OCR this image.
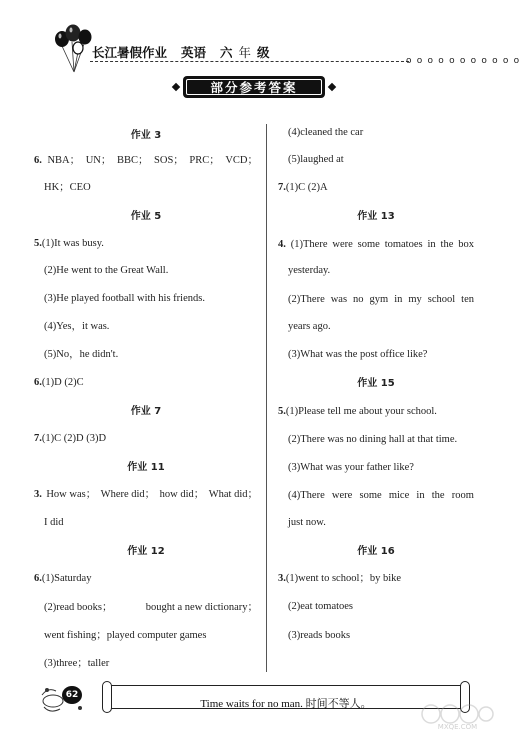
长江暑假作业 英语 六 年 级
o o o o o o o o o o o
部分参考答案
作业 3
6. NBA； UN； BBC； SOS； PRC； VCD；
HK；CEO
作业 5
5.(1)It was busy.
(2)He went to the Great Wall.
(3)He played football with his friends.
(4)Yes，it was.
(5)No，he didn't.
6.(1)D (2)C
作业 7
7.(1)C (2)D (3)D
作业 11
3. How was； Where did； how did； What did；
I did
作业 12
6.(1)Saturday
(2)read books；	bought a new dictionary；
went fishing；played computer games
(3)three；taller
(4)cleaned the car
(5)laughed at
7.(1)C (2)A
作业 13
4. (1)There were some tomatoes in the box
yesterday.
(2)There was no gym in my school ten
years ago.
(3)What was the post office like?
作业 15
5.(1)Please tell me about your school.
(2)There was no dining hall at that time.
(3)What was your father like?
(4)There were some mice in the room
just now.
作业 16
3.(1)went to school；by bike
(2)eat tomatoes
(3)reads books
62
Time waits for no man. 时间不等人。
MXQE.COM
